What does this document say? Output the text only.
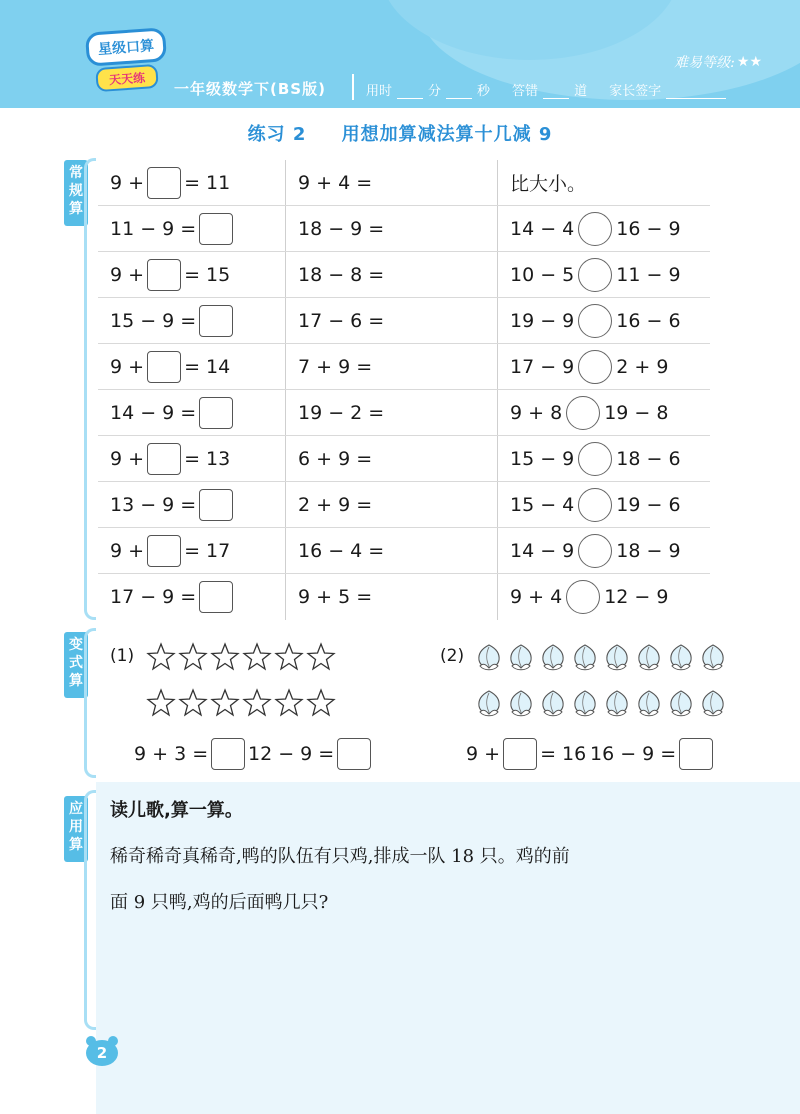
难易等级: ★★
星级口算
天天练
一年级数学下(BS版)	用时	分	秒 答错	道 家长签字
练习 2 用想加算减法算十几减 9
常规算
9 + = 11	9 + 4 =	比大小。
11 − 9 =	18 − 9 =	14 − 4 16 − 9
9 + = 15	18 − 8 =	10 − 5 11 − 9
15 − 9 =	17 − 6 =	19 − 9 16 − 6
9 + = 14	7 + 9 =	17 − 9 2 + 9
14 − 9 =	19 − 2 =	9 + 8 19 − 8
9 + = 13	6 + 9 =	15 − 9 18 − 6
13 − 9 =	2 + 9 =	15 − 4 19 − 6
9 + = 17	16 − 4 =	14 − 9 18 − 9
17 − 9 =	9 + 5 =	9 + 4 12 − 9
变式算
(1)
9 + 3 = 12 − 9 =
(2)
9 + = 16 16 − 9 =
应用算
读儿歌,算一算。
稀奇稀奇真稀奇,鸭的队伍有只鸡,排成一队 18 只。鸡的前
面 9 只鸭,鸡的后面鸭几只?
2
